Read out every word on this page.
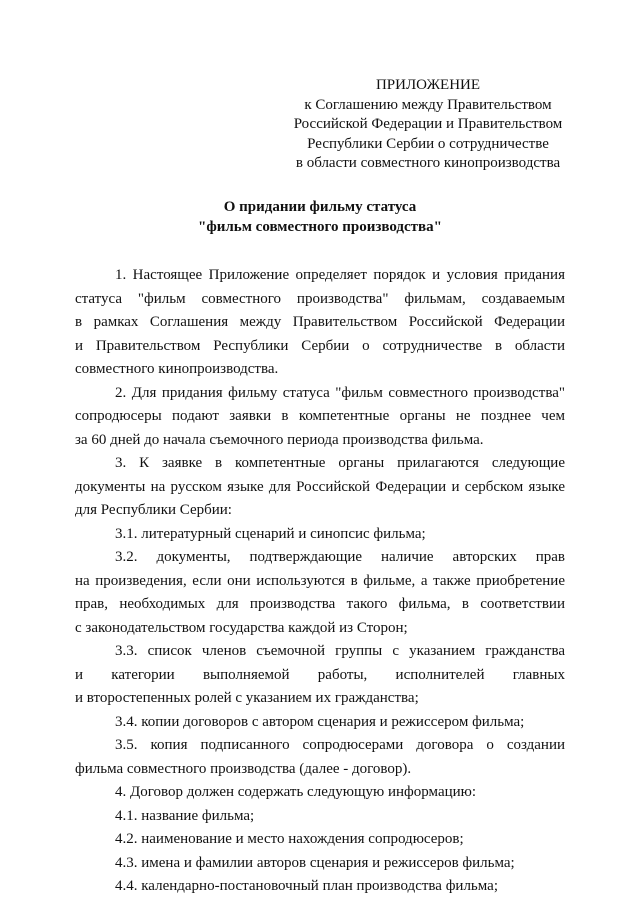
ПРИЛОЖЕНИЕ
к Соглашению между Правительством
Российской Федерации и Правительством
Республики Сербии о сотрудничестве
в области совместного кинопроизводства
О придании фильму статуса
"фильм совместного производства"
1. Настоящее Приложение определяет порядок и условия придания
статуса "фильм совместного производства" фильмам, создаваемым
в рамках Соглашения между Правительством Российской Федерации
и Правительством Республики Сербии о сотрудничестве в области
совместного кинопроизводства.
2. Для придания фильму статуса "фильм совместного производства"
сопродюсеры подают заявки в компетентные органы не позднее чем
за 60 дней до начала съемочного периода производства фильма.
3. К заявке в компетентные органы прилагаются следующие
документы на русском языке для Российской Федерации и сербском языке
для Республики Сербии:
3.1. литературный сценарий и синопсис фильма;
3.2. документы, подтверждающие наличие авторских прав
на произведения, если они используются в фильме, а также приобретение
прав, необходимых для производства такого фильма, в соответствии
с законодательством государства каждой из Сторон;
3.3. список членов съемочной группы с указанием гражданства
и категории выполняемой работы, исполнителей главных
и второстепенных ролей с указанием их гражданства;
3.4. копии договоров с автором сценария и режиссером фильма;
3.5. копия подписанного сопродюсерами договора о создании
фильма совместного производства (далее - договор).
4. Договор должен содержать следующую информацию:
4.1. название фильма;
4.2. наименование и место нахождения сопродюсеров;
4.3. имена и фамилии авторов сценария и режиссеров фильма;
4.4. календарно-постановочный план производства фильма;
